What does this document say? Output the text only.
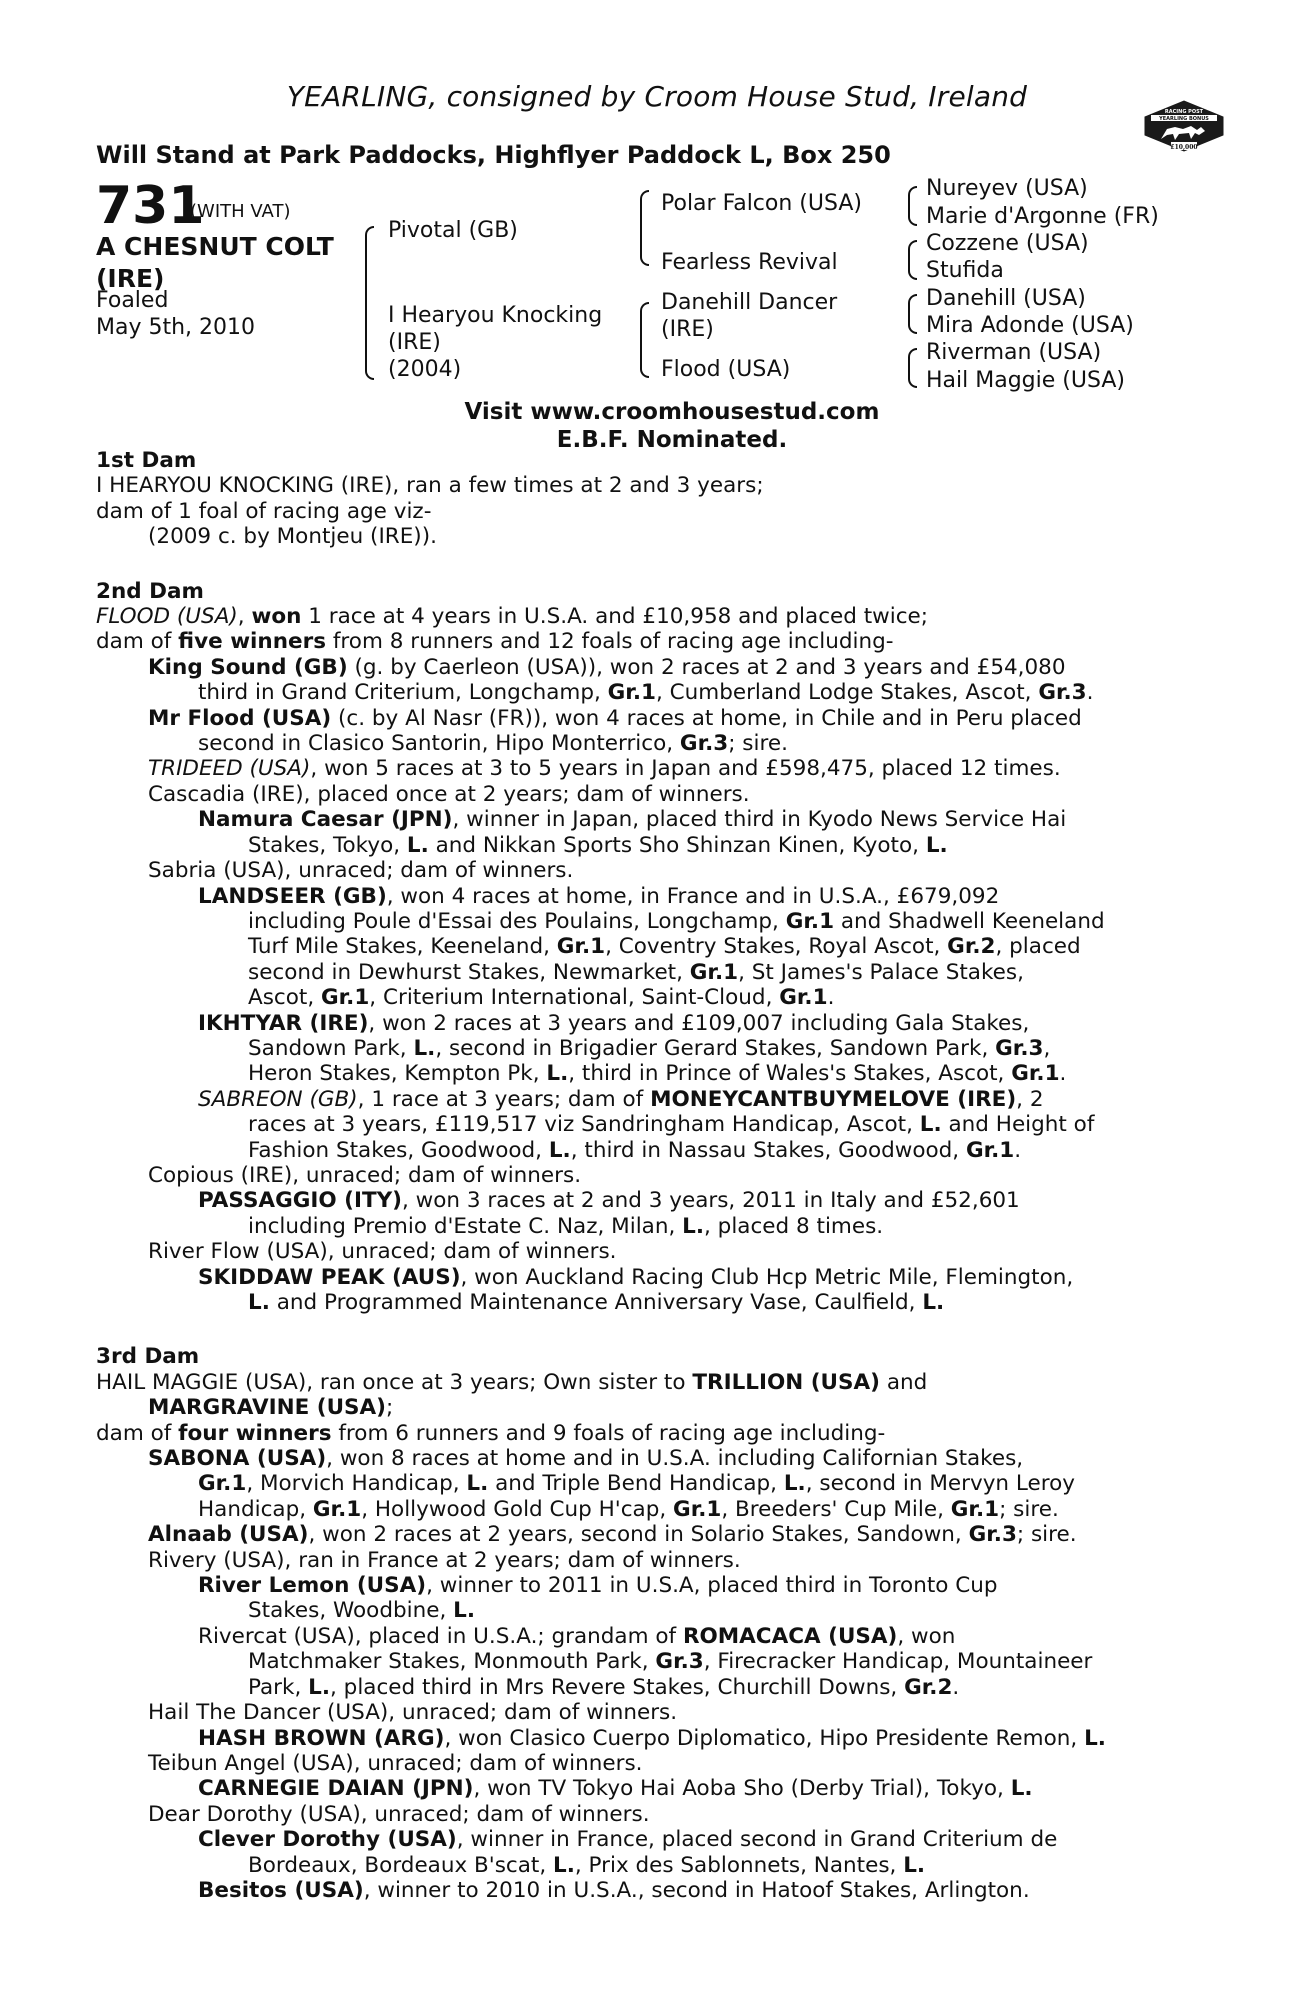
YEARLING, consigned by Croom House Stud, Ireland	RACING POST
YEARLING BONUS
£10,000
Will Stand at Park Paddocks, Highflyer Paddock L, Box 250
731
(WITH VAT)
A CHESNUT COLT
(IRE)
Foaled
May 5th, 2010
Pivotal (GB)
I Hearyou Knocking
(IRE)
(2004)
Polar Falcon (USA)
Fearless Revival
Danehill Dancer
(IRE)
Flood (USA)
Nureyev (USA)
Marie d'Argonne (FR)
Cozzene (USA)
Stufida
Danehill (USA)
Mira Adonde (USA)
Riverman (USA)
Hail Maggie (USA)
Visit www.croomhousestud.com
E.B.F. Nominated.
1st Dam
I HEARYOU KNOCKING (IRE), ran a few times at 2 and 3 years;
dam of 1 foal of racing age viz-
(2009 c. by Montjeu (IRE)).
2nd Dam
FLOOD (USA), won 1 race at 4 years in U.S.A. and £10,958 and placed twice;
dam of five winners from 8 runners and 12 foals of racing age including-
King Sound (GB) (g. by Caerleon (USA)), won 2 races at 2 and 3 years and £54,080
third in Grand Criterium, Longchamp, Gr.1, Cumberland Lodge Stakes, Ascot, Gr.3.
Mr Flood (USA) (c. by Al Nasr (FR)), won 4 races at home, in Chile and in Peru placed
second in Clasico Santorin, Hipo Monterrico, Gr.3; sire.
TRIDEED (USA), won 5 races at 3 to 5 years in Japan and £598,475, placed 12 times.
Cascadia (IRE), placed once at 2 years; dam of winners.
Namura Caesar (JPN), winner in Japan, placed third in Kyodo News Service Hai
Stakes, Tokyo, L. and Nikkan Sports Sho Shinzan Kinen, Kyoto, L.
Sabria (USA), unraced; dam of winners.
LANDSEER (GB), won 4 races at home, in France and in U.S.A., £679,092
including Poule d'Essai des Poulains, Longchamp, Gr.1 and Shadwell Keeneland
Turf Mile Stakes, Keeneland, Gr.1, Coventry Stakes, Royal Ascot, Gr.2, placed
second in Dewhurst Stakes, Newmarket, Gr.1, St James's Palace Stakes,
Ascot, Gr.1, Criterium International, Saint-Cloud, Gr.1.
IKHTYAR (IRE), won 2 races at 3 years and £109,007 including Gala Stakes,
Sandown Park, L., second in Brigadier Gerard Stakes, Sandown Park, Gr.3,
Heron Stakes, Kempton Pk, L., third in Prince of Wales's Stakes, Ascot, Gr.1.
SABREON (GB), 1 race at 3 years; dam of MONEYCANTBUYMELOVE (IRE), 2
races at 3 years, £119,517 viz Sandringham Handicap, Ascot, L. and Height of
Fashion Stakes, Goodwood, L., third in Nassau Stakes, Goodwood, Gr.1.
Copious (IRE), unraced; dam of winners.
PASSAGGIO (ITY), won 3 races at 2 and 3 years, 2011 in Italy and £52,601
including Premio d'Estate C. Naz, Milan, L., placed 8 times.
River Flow (USA), unraced; dam of winners.
SKIDDAW PEAK (AUS), won Auckland Racing Club Hcp Metric Mile, Flemington,
L. and Programmed Maintenance Anniversary Vase, Caulfield, L.
3rd Dam
HAIL MAGGIE (USA), ran once at 3 years; Own sister to TRILLION (USA) and
MARGRAVINE (USA);
dam of four winners from 6 runners and 9 foals of racing age including-
SABONA (USA), won 8 races at home and in U.S.A. including Californian Stakes,
Gr.1, Morvich Handicap, L. and Triple Bend Handicap, L., second in Mervyn Leroy
Handicap, Gr.1, Hollywood Gold Cup H'cap, Gr.1, Breeders' Cup Mile, Gr.1; sire.
Alnaab (USA), won 2 races at 2 years, second in Solario Stakes, Sandown, Gr.3; sire.
Rivery (USA), ran in France at 2 years; dam of winners.
River Lemon (USA), winner to 2011 in U.S.A, placed third in Toronto Cup
Stakes, Woodbine, L.
Rivercat (USA), placed in U.S.A.; grandam of ROMACACA (USA), won
Matchmaker Stakes, Monmouth Park, Gr.3, Firecracker Handicap, Mountaineer
Park, L., placed third in Mrs Revere Stakes, Churchill Downs, Gr.2.
Hail The Dancer (USA), unraced; dam of winners.
HASH BROWN (ARG), won Clasico Cuerpo Diplomatico, Hipo Presidente Remon, L.
Teibun Angel (USA), unraced; dam of winners.
CARNEGIE DAIAN (JPN), won TV Tokyo Hai Aoba Sho (Derby Trial), Tokyo, L.
Dear Dorothy (USA), unraced; dam of winners.
Clever Dorothy (USA), winner in France, placed second in Grand Criterium de
Bordeaux, Bordeaux B'scat, L., Prix des Sablonnets, Nantes, L.
Besitos (USA), winner to 2010 in U.S.A., second in Hatoof Stakes, Arlington.
